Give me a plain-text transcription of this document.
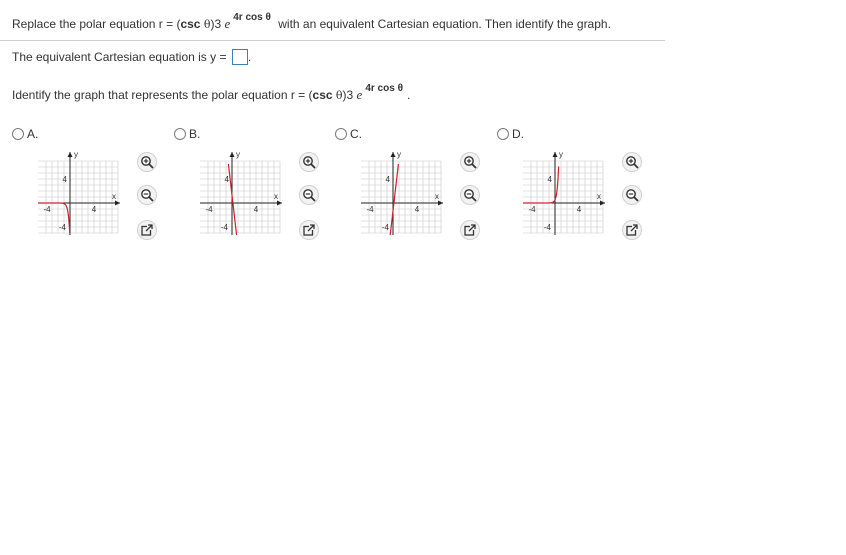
Replace the polar equation r = (csc θ)3 e $^{4r cos \theta}$ with an equivalent Cartesian equation. Then identify the graph.
The equivalent Cartesian equation is y = .
Identify the graph that represents the polar equation r = (csc θ)3 e $^{4r cos \theta}$ .
A.
y
x
4
-4
-4	4
B.
y
x
4
-4
-4	4
C.
y
x
4
-4
-4	4
D.
y
x
4
-4
-4	4
